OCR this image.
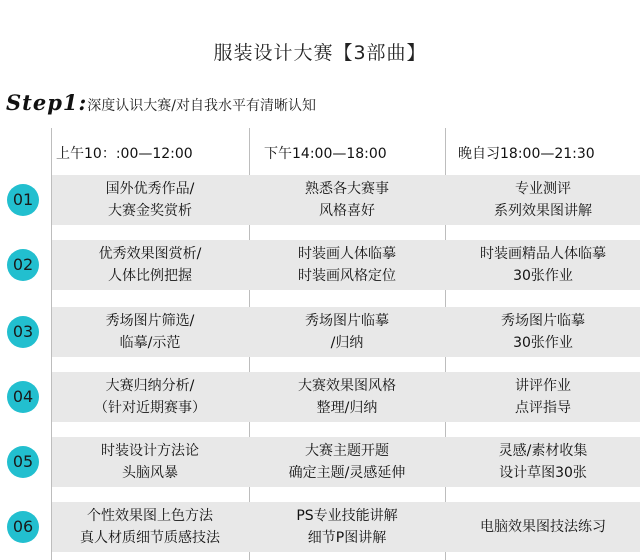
服装设计大赛【3部曲】
Step1: 深度认识大赛/对自我水平有清晰认知
上午10：:00—12:00	下午14:00—18:00	晚自习18:00—21:30
01
国外优秀作品/
大赛金奖赏析
熟悉各大赛事
风格喜好
专业测评
系列效果图讲解
02
优秀效果图赏析/
人体比例把握
时装画人体临摹
时装画风格定位
时装画精品人体临摹
30张作业
03
秀场图片筛选/
临摹/示范
秀场图片临摹
/归纳
秀场图片临摹
30张作业
04
大赛归纳分析/
（针对近期赛事）
大赛效果图风格
整理/归纳
讲评作业
点评指导
05
时装设计方法论
头脑风暴
大赛主题开题
确定主题/灵感延伸
灵感/素材收集
设计草图30张
06
个性效果图上色方法
真人材质细节质感技法
PS专业技能讲解
细节P图讲解
电脑效果图技法练习
